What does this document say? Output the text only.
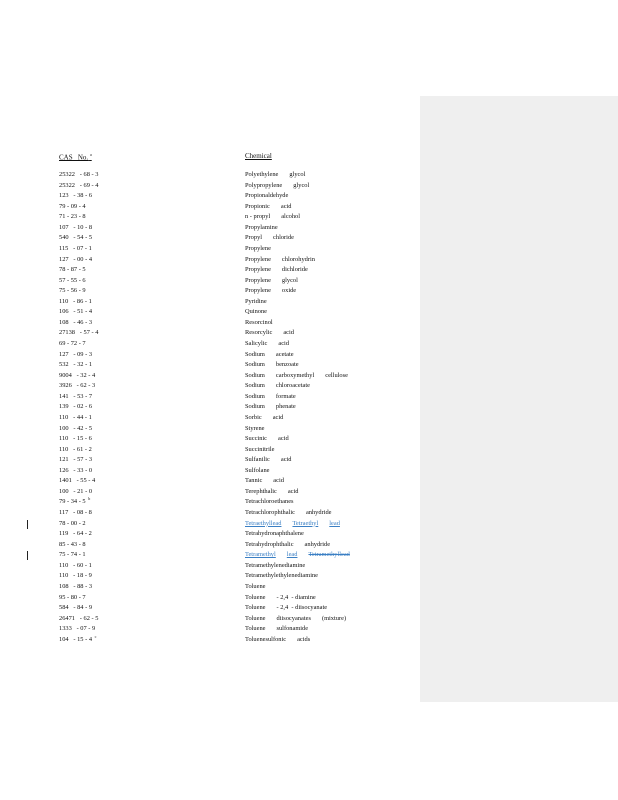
CAS   No. $^a$	Chemical
25322   - 68 - 3	Polyethylene glycol
25322   - 69 - 4	Polypropylene glycol
123   - 38 - 6	Propionaldehyde
79 - 09 - 4	Propionic acid
71 - 23 - 8	n - propyl alcohol
107   - 10 - 8	Propylamine
540   - 54 - 5	Propyl chloride
115   - 07 - 1	Propylene
127   - 00 - 4	Propylene chlorohydrin
78 - 87 - 5	Propylene dichloride
57 - 55 - 6	Propylene glycol
75 - 56 - 9	Propylene oxide
110   - 86 - 1	Pyridine
106   - 51 - 4	Quinone
108   - 46 - 3	Resorcinol
27138   - 57 - 4	Resorcylic acid
69 - 72 - 7	Salicylic acid
127   - 09 - 3	Sodium acetate
532   - 32 - 1	Sodium benzoate
9004   - 32 - 4	Sodium carboxymethyl cellulose
3926   - 62 - 3	Sodium chloroacetate
141   - 53 - 7	Sodium formate
139   - 02 - 6	Sodium phenate
110   - 44 - 1	Sorbic acid
100   - 42 - 5	Styrene
110   - 15 - 6	Succinic acid
110   - 61 - 2	Succinitrile
121   - 57 - 3	Sulfanilic acid
126   - 33 - 0	Sulfolane
1401   - 55 - 4	Tannic acid
100   - 21 - 0	Terephthalic acid
79 - 34 - 5  $^b$	Tetrachloroethanes
117   - 08 - 8	Tetrachlorophthalic anhydride
78 - 00 - 2	Tetraethyllead Tetraethyl lead
119   - 64 - 2	Tetrahydronaphthalene
85 - 43 - 8	Tetrahydrophthalic anhydride
75 - 74 - 1	Tetramethyl lead Tetramethyllead
110   - 60 - 1	Tetramethylenediamine
110   - 18 - 9	Tetramethylethylenediamine
108   - 88 - 3	Toluene
95 - 80 - 7	Toluene - 2,4  - diamine
584   - 84 - 9	Toluene - 2,4  - diisocyanate
26471   - 62 - 5	Toluene diisocyanates (mixture)
1333   - 07 - 9	Toluene sulfonamide
104   - 15 - 4  $^c$	Toluenesulfonic acids
